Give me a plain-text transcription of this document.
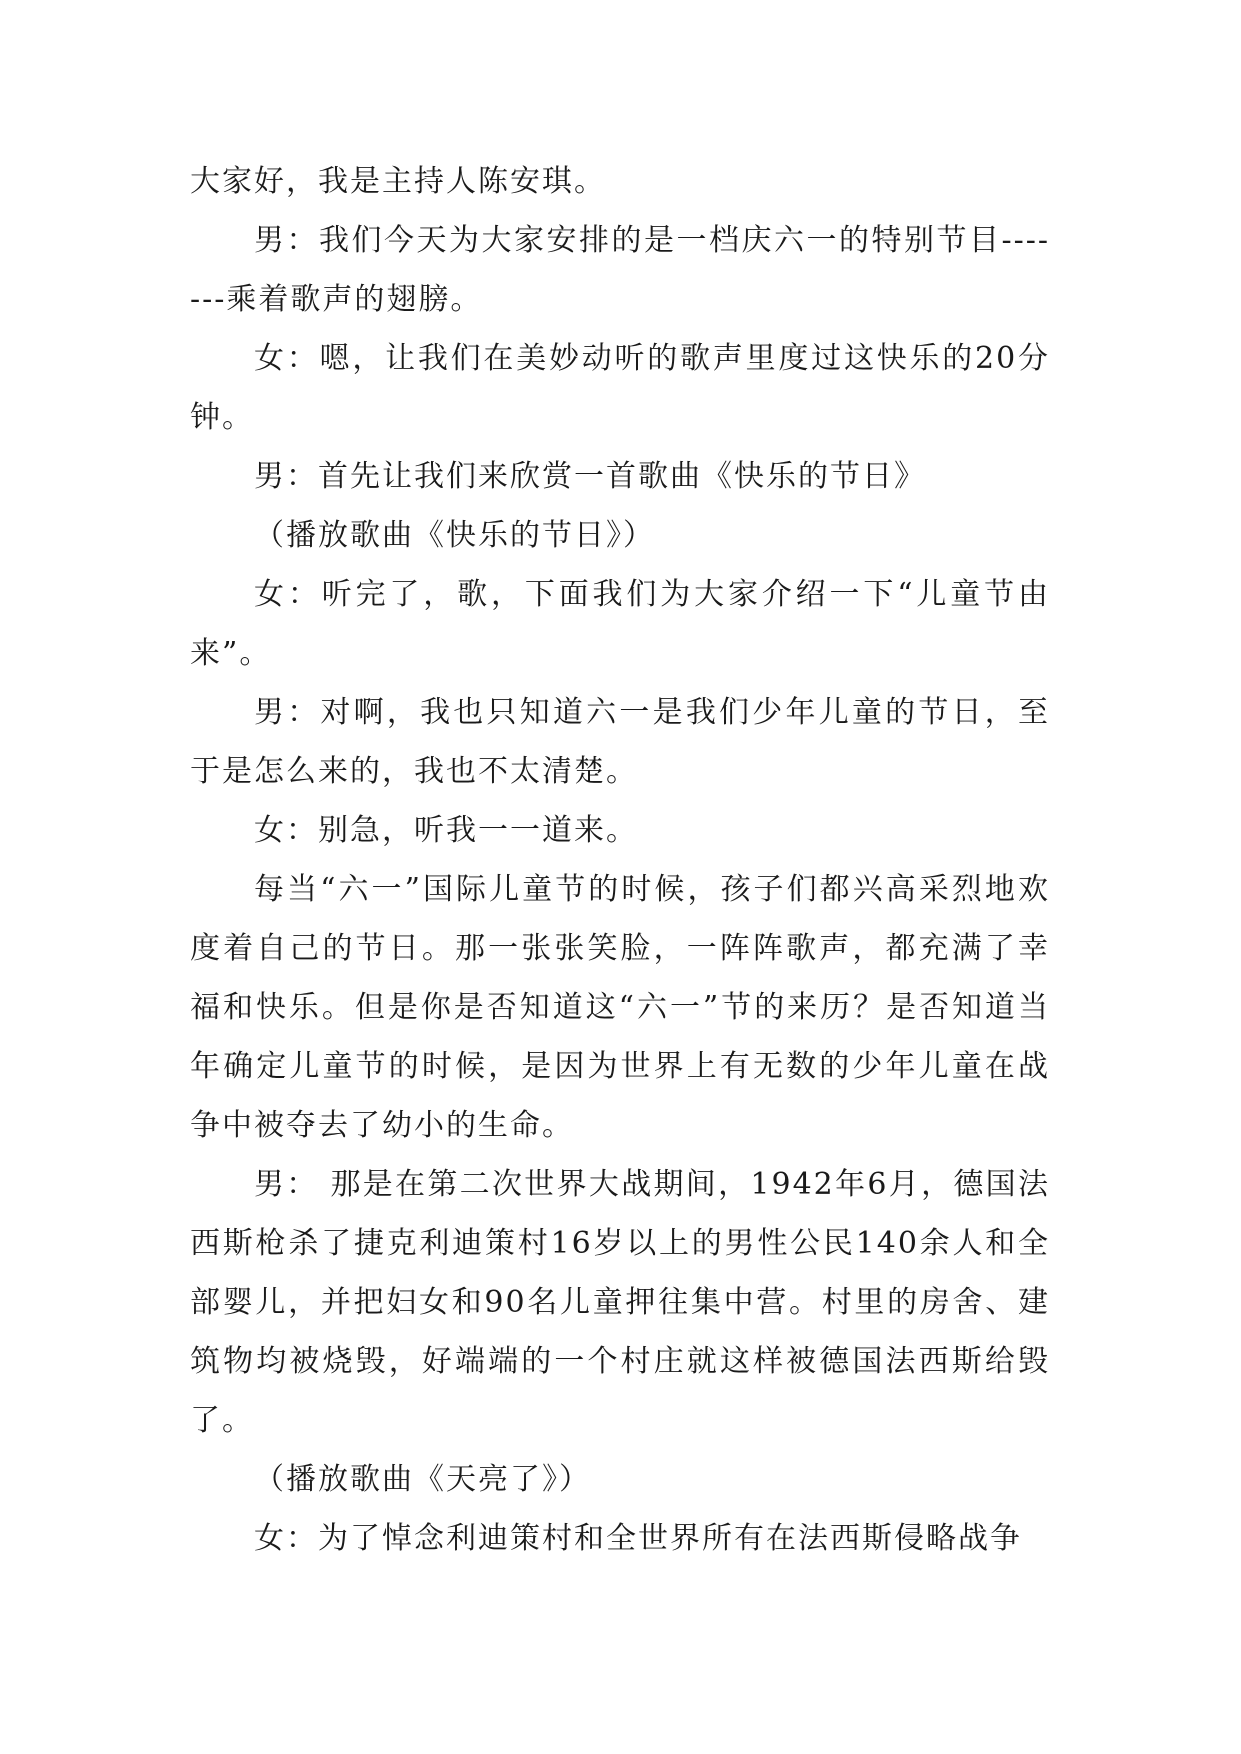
大家好，我是主持人陈安琪。

男：我们今天为大家安排的是一档庆六一的特别节目-------乘着歌声的翅膀。

女：嗯，让我们在美妙动听的歌声里度过这快乐的20分钟。

男：首先让我们来欣赏一首歌曲《快乐的节日》

（播放歌曲《快乐的节日》）

女：听完了，歌，下面我们为大家介绍一下“儿童节由来”。

男：对啊，我也只知道六一是我们少年儿童的节日，至于是怎么来的，我也不太清楚。

女：别急，听我一一道来。

每当“六一”国际儿童节的时候，孩子们都兴高采烈地欢度着自己的节日。那一张张笑脸，一阵阵歌声，都充满了幸福和快乐。但是你是否知道这“六一”节的来历？是否知道当年确定儿童节的时候，是因为世界上有无数的少年儿童在战争中被夺去了幼小的生命。

男： 那是在第二次世界大战期间，1942年6月，德国法西斯枪杀了捷克利迪策村16岁以上的男性公民140余人和全部婴儿，并把妇女和90名儿童押往集中营。村里的房舍、建筑物均被烧毁，好端端的一个村庄就这样被德国法西斯给毁了。

（播放歌曲《天亮了》）

女：为了悼念利迪策村和全世界所有在法西斯侵略战争
